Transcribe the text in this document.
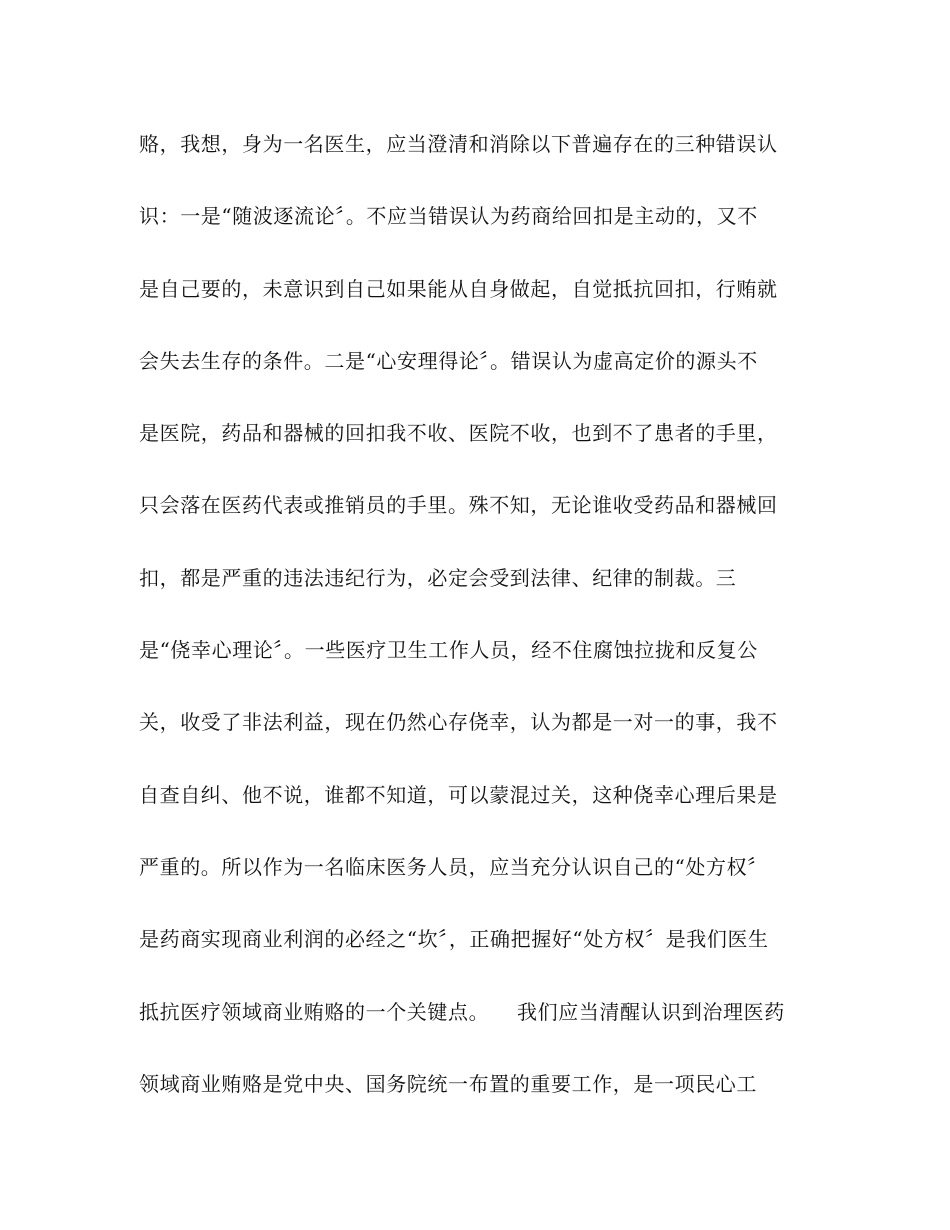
赂，我想，身为一名医生，应当澄清和消除以下普遍存在的三种错误认
识：一是“随波逐流论〞。不应当错误认为药商给回扣是主动的，又不
是自己要的，未意识到自己如果能从自身做起，自觉抵抗回扣，行贿就
会失去生存的条件。二是“心安理得论〞。错误认为虚高定价的源头不
是医院，药品和器械的回扣我不收、医院不收，也到不了患者的手里，
只会落在医药代表或推销员的手里。殊不知，无论谁收受药品和器械回
扣，都是严重的违法违纪行为，必定会受到法律、纪律的制裁。三
是“侥幸心理论〞。一些医疗卫生工作人员，经不住腐蚀拉拢和反复公
关，收受了非法利益，现在仍然心存侥幸，认为都是一对一的事，我不
自查自纠、他不说，谁都不知道，可以蒙混过关，这种侥幸心理后果是
严重的。所以作为一名临床医务人员，应当充分认识自己的“处方权〞
是药商实现商业利润的必经之“坎〞，正确把握好“处方权〞是我们医生
抵抗医疗领域商业贿赂的一个关键点。    我们应当清醒认识到治理医药
领域商业贿赂是党中央、国务院统一布置的重要工作，是一项民心工
